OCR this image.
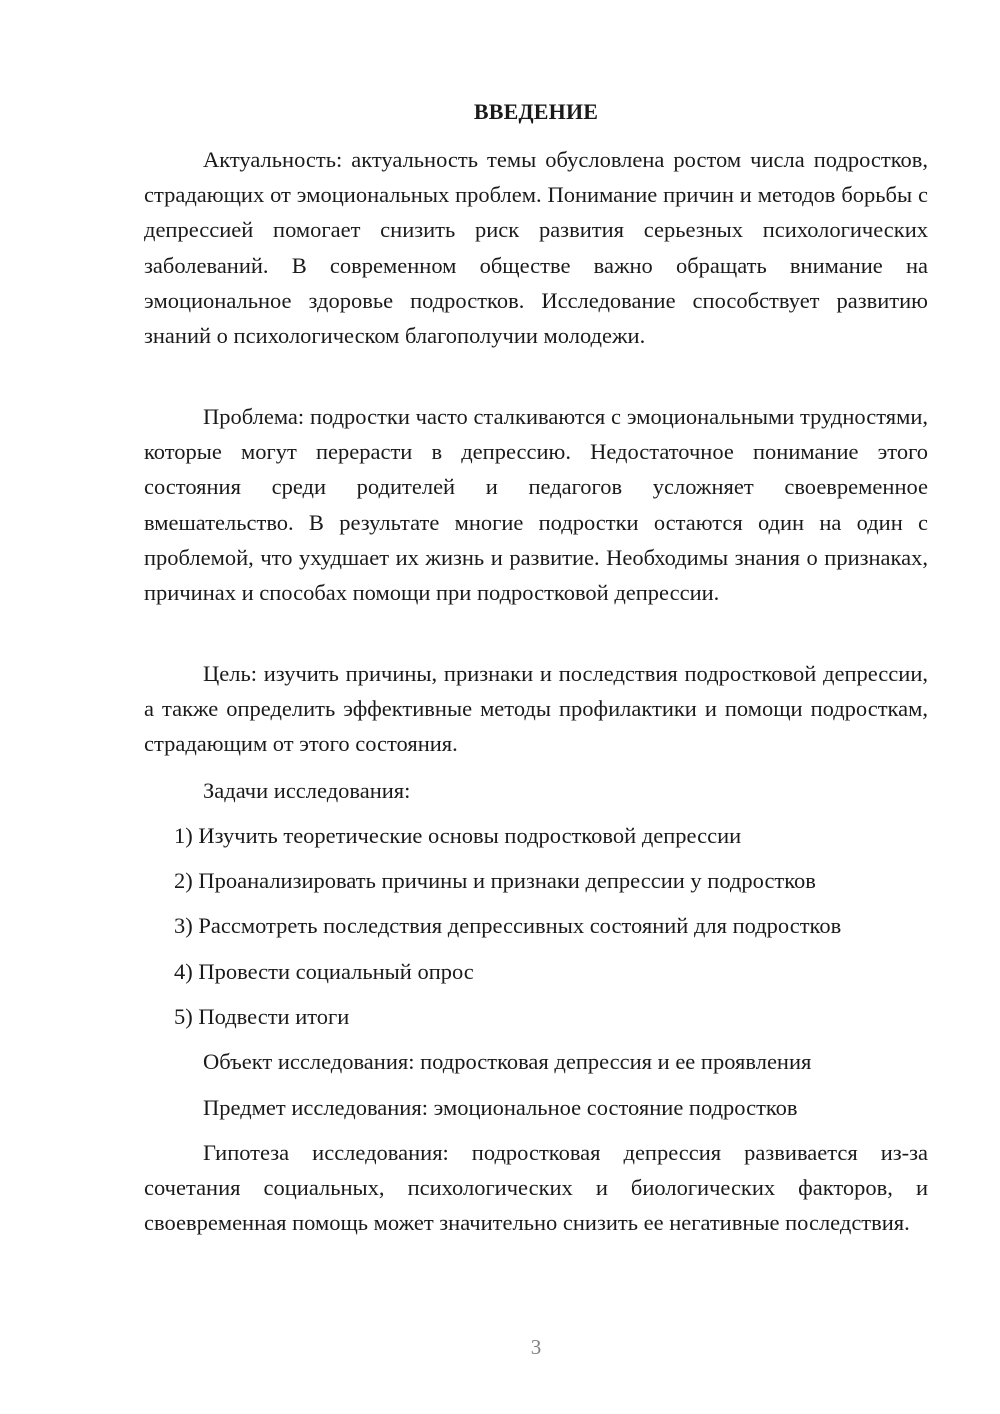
ВВЕДЕНИЕ

Актуальность: актуальность темы обусловлена ростом числа подростков, страдающих от эмоциональных проблем. Понимание причин и методов борьбы с депрессией помогает снизить риск развития серьезных психологических заболеваний. В современном обществе важно обращать внимание на эмоциональное здоровье подростков. Исследование способствует развитию знаний о психологическом благополучии молодежи.

Проблема: подростки часто сталкиваются с эмоциональными трудностями, которые могут перерасти в депрессию. Недостаточное понимание этого состояния среди родителей и педагогов усложняет своевременное вмешательство. В результате многие подростки остаются один на один с проблемой, что ухудшает их жизнь и развитие. Необходимы знания о признаках, причинах и способах помощи при подростковой депрессии.

Цель: изучить причины, признаки и последствия подростковой депрессии, а также определить эффективные методы профилактики и помощи подросткам, страдающим от этого состояния.

Задачи исследования:

1) Изучить теоретические основы подростковой депрессии

2) Проанализировать причины и признаки депрессии у подростков

3) Рассмотреть последствия депрессивных состояний для подростков

4) Провести социальный опрос

5) Подвести итоги

Объект исследования: подростковая депрессия и ее проявления

Предмет исследования: эмоциональное состояние подростков

Гипотеза исследования: подростковая депрессия развивается из-за сочетания социальных, психологических и биологических факторов, и своевременная помощь может значительно снизить ее негативные последствия.

3
